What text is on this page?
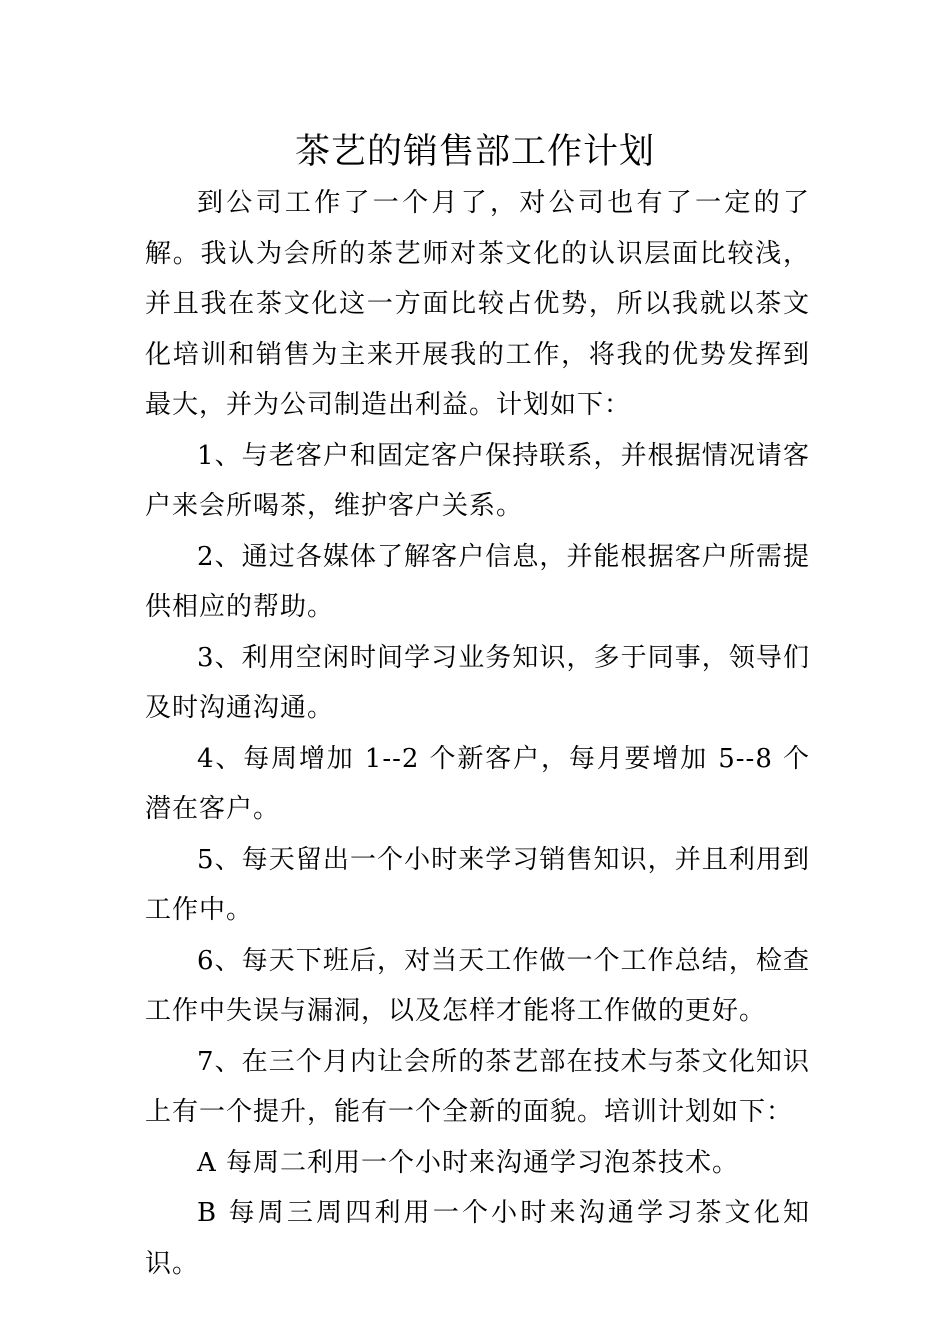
茶艺的销售部工作计划

到公司工作了一个月了，对公司也有了一定的了解。我认为会所的茶艺师对茶文化的认识层面比较浅，并且我在茶文化这一方面比较占优势，所以我就以茶文化培训和销售为主来开展我的工作，将我的优势发挥到最大，并为公司制造出利益。计划如下：

1、与老客户和固定客户保持联系，并根据情况请客户来会所喝茶，维护客户关系。

2、通过各媒体了解客户信息，并能根据客户所需提供相应的帮助。

3、利用空闲时间学习业务知识，多于同事，领导们及时沟通沟通。

4、每周增加 1--2 个新客户，每月要增加 5--8 个潜在客户。

5、每天留出一个小时来学习销售知识，并且利用到工作中。

6、每天下班后，对当天工作做一个工作总结，检查工作中失误与漏洞，以及怎样才能将工作做的更好。

7、在三个月内让会所的茶艺部在技术与茶文化知识上有一个提升，能有一个全新的面貌。培训计划如下：

A 每周二利用一个小时来沟通学习泡茶技术。

B 每周三周四利用一个小时来沟通学习茶文化知识。
